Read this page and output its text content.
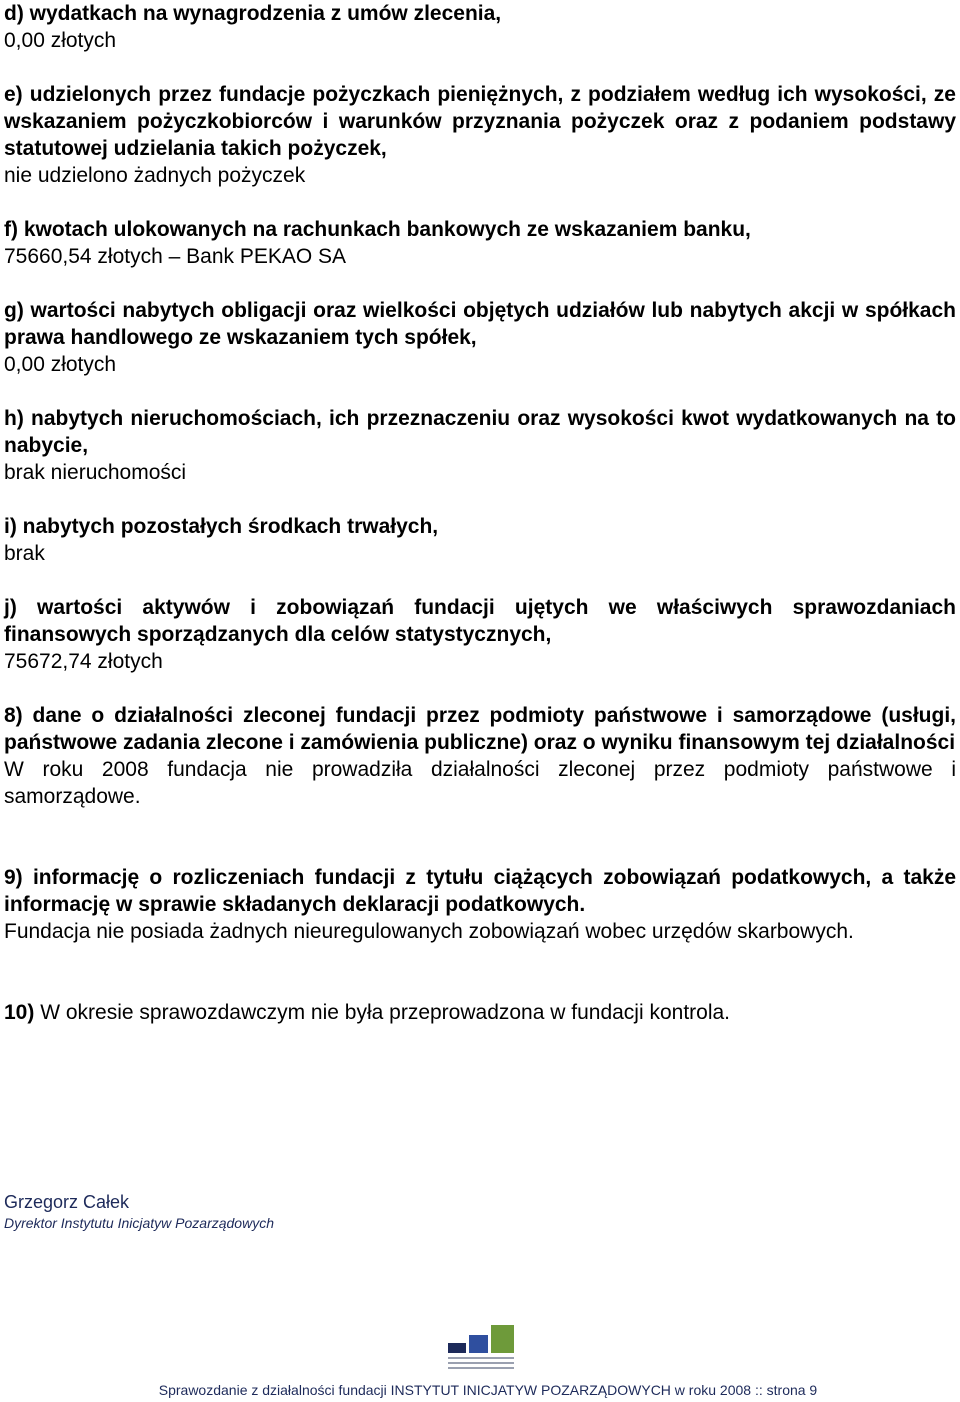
d) wydatkach na wynagrodzenia z umów zlecenia,

0,00 złotych

e) udzielonych przez fundacje pożyczkach pieniężnych, z podziałem według ich wysokości, ze wskazaniem pożyczkobiorców i warunków przyznania pożyczek oraz z podaniem podstawy statutowej udzielania takich pożyczek,

nie udzielono żadnych pożyczek

f) kwotach ulokowanych na rachunkach bankowych ze wskazaniem banku,

75660,54 złotych – Bank PEKAO SA

g) wartości nabytych obligacji oraz wielkości objętych udziałów lub nabytych akcji w spółkach prawa handlowego ze wskazaniem tych spółek,

0,00 złotych

h) nabytych nieruchomościach, ich przeznaczeniu oraz wysokości kwot wydatkowanych na to nabycie,

brak nieruchomości

i) nabytych pozostałych środkach trwałych,

brak

j) wartości aktywów i zobowiązań fundacji ujętych we właściwych sprawozdaniach finansowych sporządzanych dla celów statystycznych,

75672,74 złotych

8) dane o działalności zleconej fundacji przez podmioty państwowe i samorządowe (usługi, państwowe zadania zlecone i zamówienia publiczne) oraz o wyniku finansowym tej działalności

W roku 2008 fundacja nie prowadziła działalności zleconej przez podmioty państwowe i samorządowe.

9) informację o rozliczeniach fundacji z tytułu ciążących zobowiązań podatkowych, a także informację w sprawie składanych deklaracji podatkowych.

Fundacja nie posiada żadnych nieuregulowanych zobowiązań wobec urzędów skarbowych.

10) W okresie sprawozdawczym nie była przeprowadzona w fundacji kontrola.

Grzegorz Całek
Dyrektor Instytutu Inicjatyw Pozarządowych
Sprawozdanie z działalności fundacji INSTYTUT INICJATYW POZARZĄDOWYCH w roku 2008 :: strona 9
